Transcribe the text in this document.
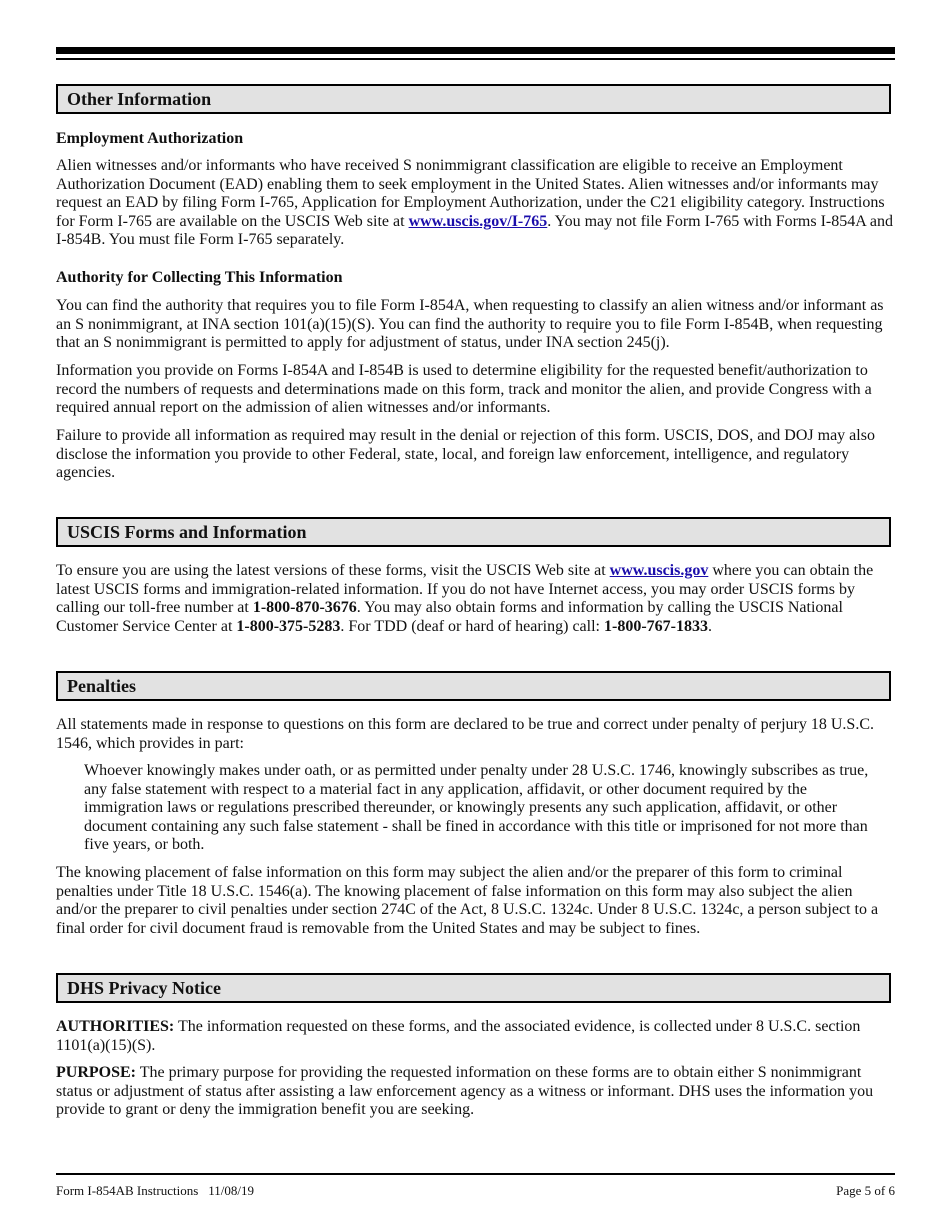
Other Information
Employment Authorization
Alien witnesses and/or informants who have received S nonimmigrant classification are eligible to receive an Employment Authorization Document (EAD) enabling them to seek employment in the United States. Alien witnesses and/or informants may request an EAD by filing Form I-765, Application for Employment Authorization, under the C21 eligibility category. Instructions for Form I-765 are available on the USCIS Web site at www.uscis.gov/I-765. You may not file Form I-765 with Forms I-854A and I-854B. You must file Form I-765 separately.
Authority for Collecting This Information
You can find the authority that requires you to file Form I-854A, when requesting to classify an alien witness and/or informant as an S nonimmigrant, at INA section 101(a)(15)(S). You can find the authority to require you to file Form I-854B, when requesting that an S nonimmigrant is permitted to apply for adjustment of status, under INA section 245(j).
Information you provide on Forms I-854A and I-854B is used to determine eligibility for the requested benefit/authorization to record the numbers of requests and determinations made on this form, track and monitor the alien, and provide Congress with a required annual report on the admission of alien witnesses and/or informants.
Failure to provide all information as required may result in the denial or rejection of this form. USCIS, DOS, and DOJ may also disclose the information you provide to other Federal, state, local, and foreign law enforcement, intelligence, and regulatory agencies.
USCIS Forms and Information
To ensure you are using the latest versions of these forms, visit the USCIS Web site at www.uscis.gov where you can obtain the latest USCIS forms and immigration-related information. If you do not have Internet access, you may order USCIS forms by calling our toll-free number at 1-800-870-3676. You may also obtain forms and information by calling the USCIS National Customer Service Center at 1-800-375-5283. For TDD (deaf or hard of hearing) call: 1-800-767-1833.
Penalties
All statements made in response to questions on this form are declared to be true and correct under penalty of perjury 18 U.S.C. 1546, which provides in part:
Whoever knowingly makes under oath, or as permitted under penalty under 28 U.S.C. 1746, knowingly subscribes as true, any false statement with respect to a material fact in any application, affidavit, or other document required by the immigration laws or regulations prescribed thereunder, or knowingly presents any such application, affidavit, or other document containing any such false statement - shall be fined in accordance with this title or imprisoned for not more than five years, or both.
The knowing placement of false information on this form may subject the alien and/or the preparer of this form to criminal penalties under Title 18 U.S.C. 1546(a). The knowing placement of false information on this form may also subject the alien and/or the preparer to civil penalties under section 274C of the Act, 8 U.S.C. 1324c. Under 8 U.S.C. 1324c, a person subject to a final order for civil document fraud is removable from the United States and may be subject to fines.
DHS Privacy Notice
AUTHORITIES: The information requested on these forms, and the associated evidence, is collected under 8 U.S.C. section 1101(a)(15)(S).
PURPOSE: The primary purpose for providing the requested information on these forms are to obtain either S nonimmigrant status or adjustment of status after assisting a law enforcement agency as a witness or informant. DHS uses the information you provide to grant or deny the immigration benefit you are seeking.
Form I-854AB Instructions 11/08/19	Page 5 of 6
